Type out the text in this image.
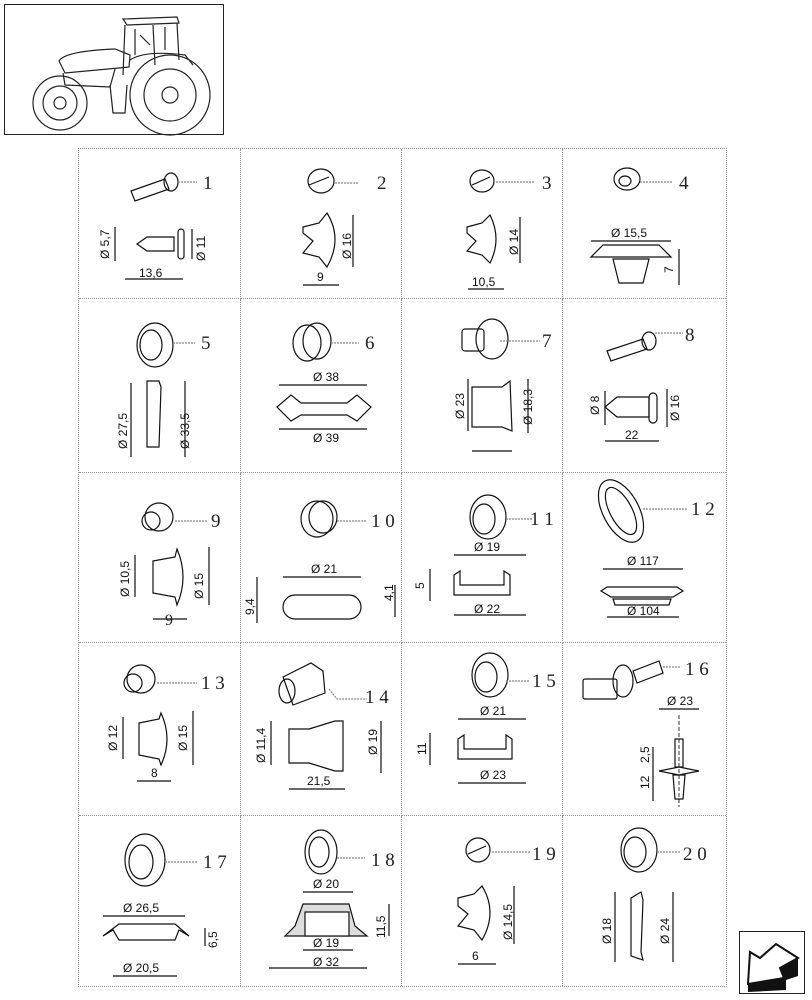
1
Ø 5,7	Ø 11
13,6
2
Ø 16
9
3
Ø 14
10,5
4
Ø 15,5
7
5
Ø 27,5	Ø 33,5
6
Ø 38
Ø 39
7
Ø 23	Ø 18,3
8
Ø 8	Ø 16
22
9
Ø 10,5	Ø 15
9
1 0
Ø 21
9,4
4,1
1 1
Ø 19
5
Ø 22
1 2
Ø 117
Ø 104
1 3
Ø 12	Ø 15
8
1 4
Ø 11,4	Ø 19
21,5
1 5
Ø 21
11
Ø 23
1 6
Ø 23
2,5
12
1 7
Ø 26,5
6,5
Ø 20,5
1 8
Ø 20
11,5
Ø 19
Ø 32
1 9
Ø 14,5
6
2 0
Ø 18	Ø 24
